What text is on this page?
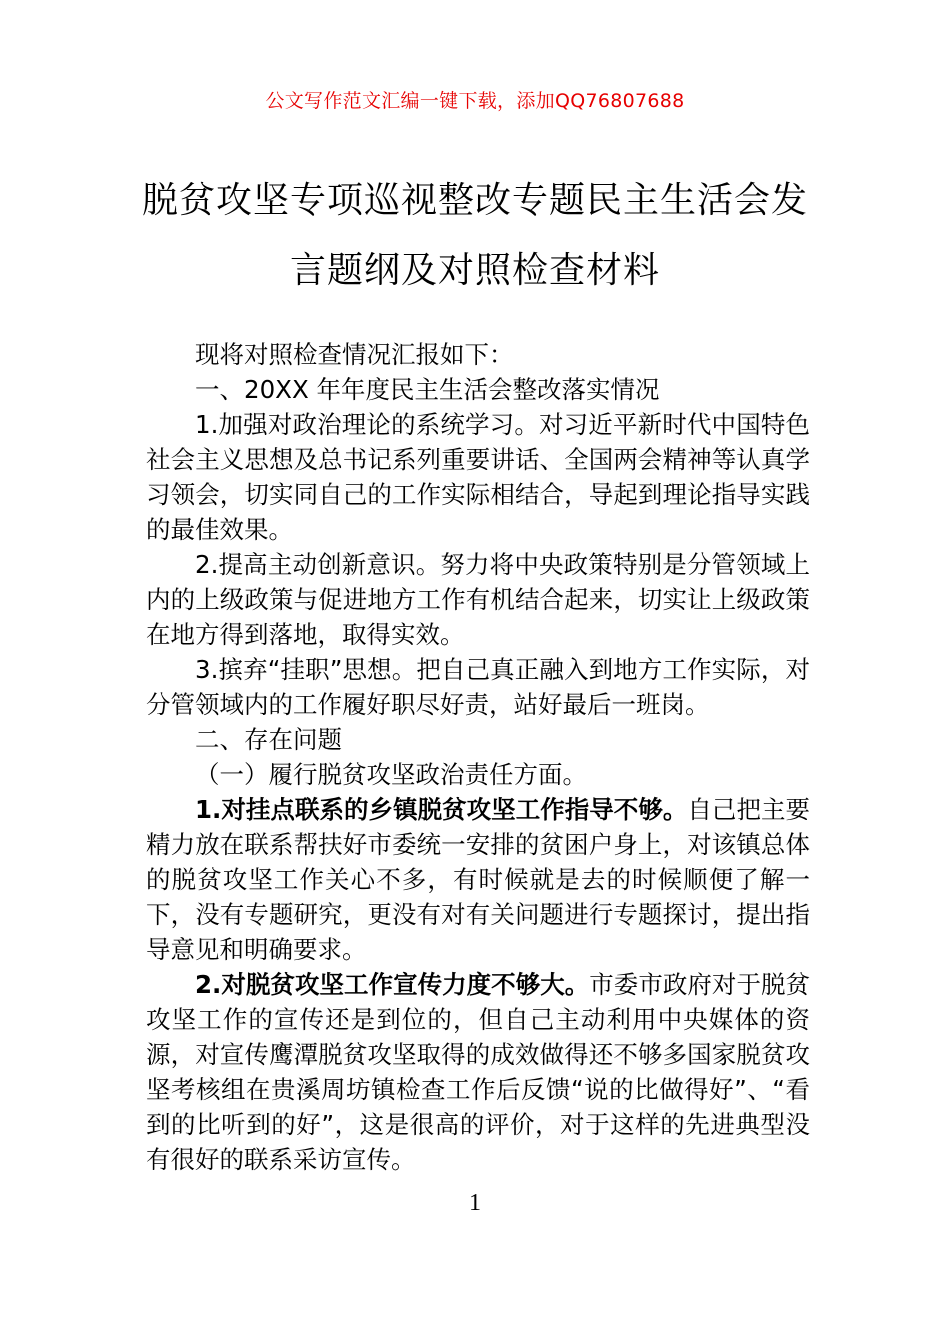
公文写作范文汇编一键下载，添加QQ76807688
脱贫攻坚专项巡视整改专题民主生活会发
言题纲及对照检查材料

现将对照检查情况汇报如下：

一、20XX 年年度民主生活会整改落实情况

1.加强对政治理论的系统学习。对习近平新时代中国特色社会主义思想及总书记系列重要讲话、全国两会精神等认真学习领会，切实同自己的工作实际相结合，导起到理论指导实践的最佳效果。

2.提高主动创新意识。努力将中央政策特别是分管领域上内的上级政策与促进地方工作有机结合起来，切实让上级政策在地方得到落地，取得实效。

3.摈弃“挂职”思想。把自己真正融入到地方工作实际，对分管领域内的工作履好职尽好责，站好最后一班岗。

二、存在问题

（一）履行脱贫攻坚政治责任方面。

1.对挂点联系的乡镇脱贫攻坚工作指导不够。自己把主要精力放在联系帮扶好市委统一安排的贫困户身上，对该镇总体的脱贫攻坚工作关心不多，有时候就是去的时候顺便了解一下，没有专题研究，更没有对有关问题进行专题探讨，提出指导意见和明确要求。

2.对脱贫攻坚工作宣传力度不够大。市委市政府对于脱贫攻坚工作的宣传还是到位的，但自己主动利用中央媒体的资源，对宣传鹰潭脱贫攻坚取得的成效做得还不够多国家脱贫攻坚考核组在贵溪周坊镇检查工作后反馈“说的比做得好”、“看到的比听到的好”，这是很高的评价，对于这样的先进典型没有很好的联系采访宣传。

1
